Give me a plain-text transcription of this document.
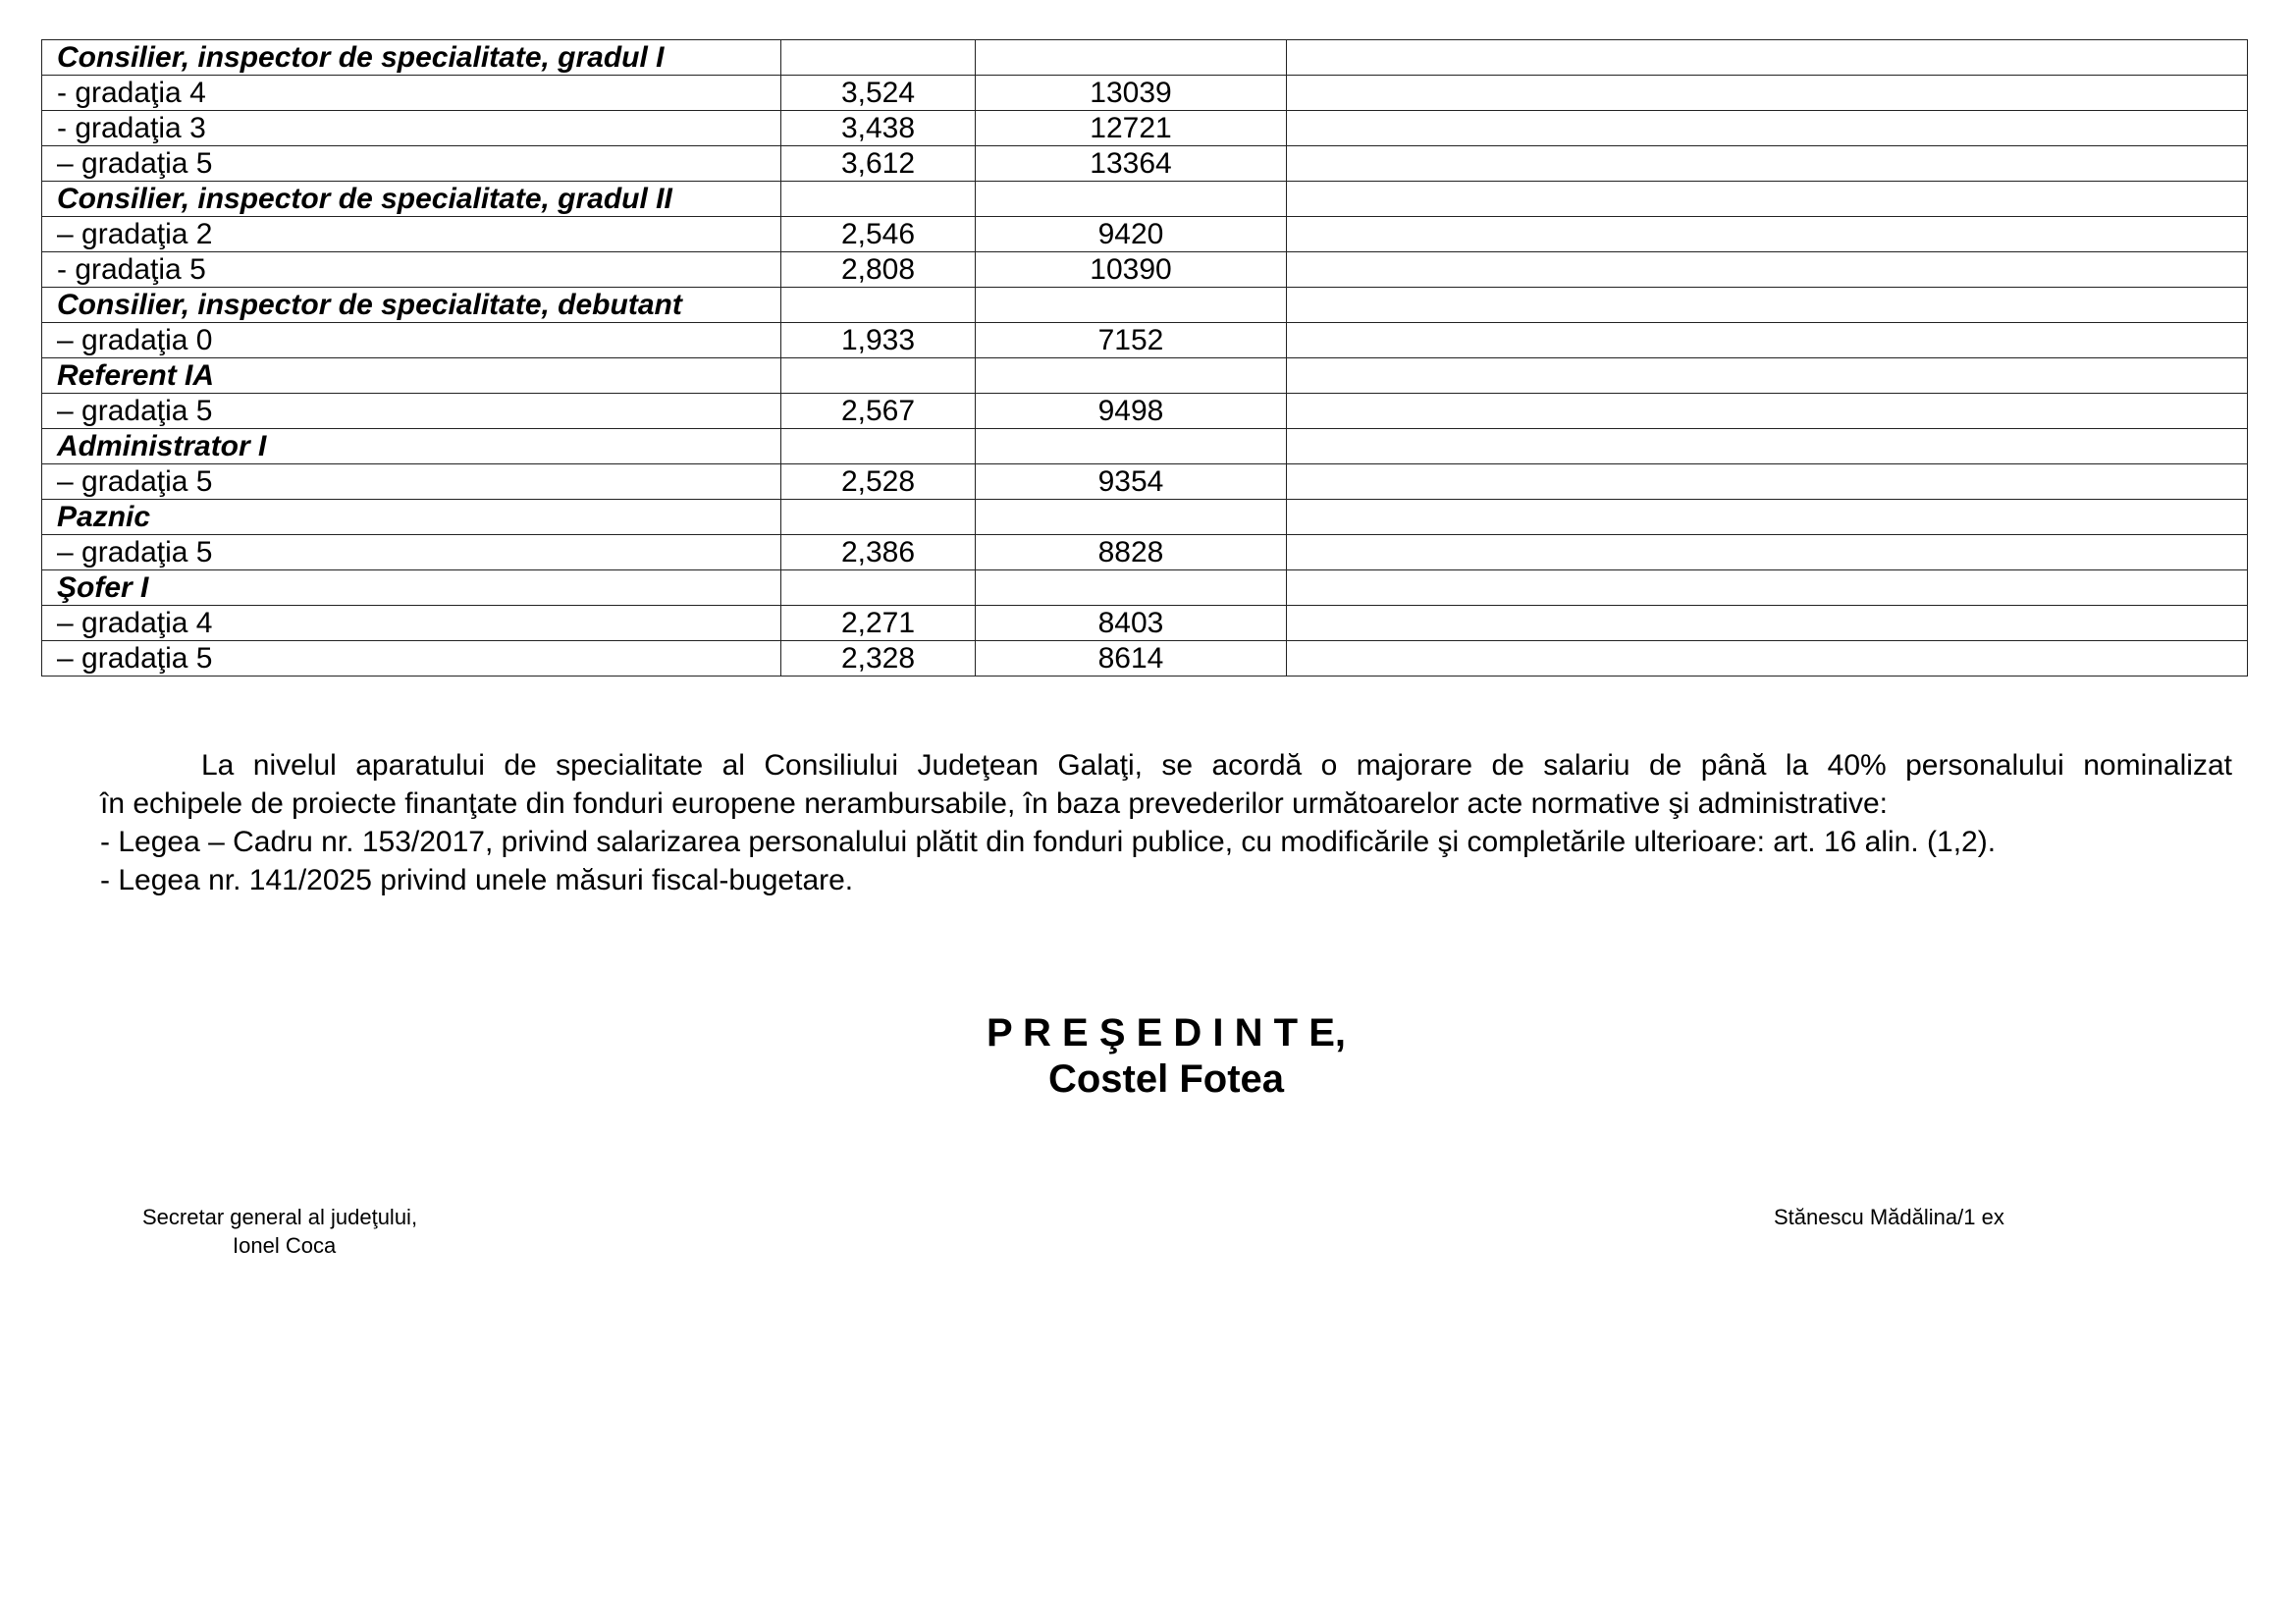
Consilier, inspector de specialitate, gradul I			
- gradaţia 4	3,524	13039	
- gradaţia 3	3,438	12721	
– gradaţia 5	3,612	13364	
Consilier, inspector de specialitate, gradul II			
– gradaţia 2	2,546	9420	
- gradaţia 5	2,808	10390	
Consilier, inspector de specialitate, debutant			
– gradaţia 0	1,933	7152	
Referent IA			
– gradaţia 5	2,567	9498	
Administrator I			
– gradaţia 5	2,528	9354	
Paznic			
– gradaţia 5	2,386	8828	
Şofer I			
– gradaţia 4	2,271	8403	
– gradaţia 5	2,328	8614	

La nivelul aparatului de specialitate al Consiliului Judeţean Galaţi, se acordă o majorare de salariu de până la 40% personalului nominalizat

în echipele de proiecte finanţate din fonduri europene nerambursabile, în baza prevederilor următoarelor acte normative şi administrative:

- Legea – Cadru nr. 153/2017, privind salarizarea personalului plătit din fonduri publice, cu modificările şi completările ulterioare: art. 16 alin. (1,2).

- Legea nr. 141/2025 privind unele măsuri fiscal-bugetare.

P R E Ş E D I N T E,
Costel Fotea
Secretar general al judeţului,
Ionel Coca
Stănescu Mădălina/1 ex
